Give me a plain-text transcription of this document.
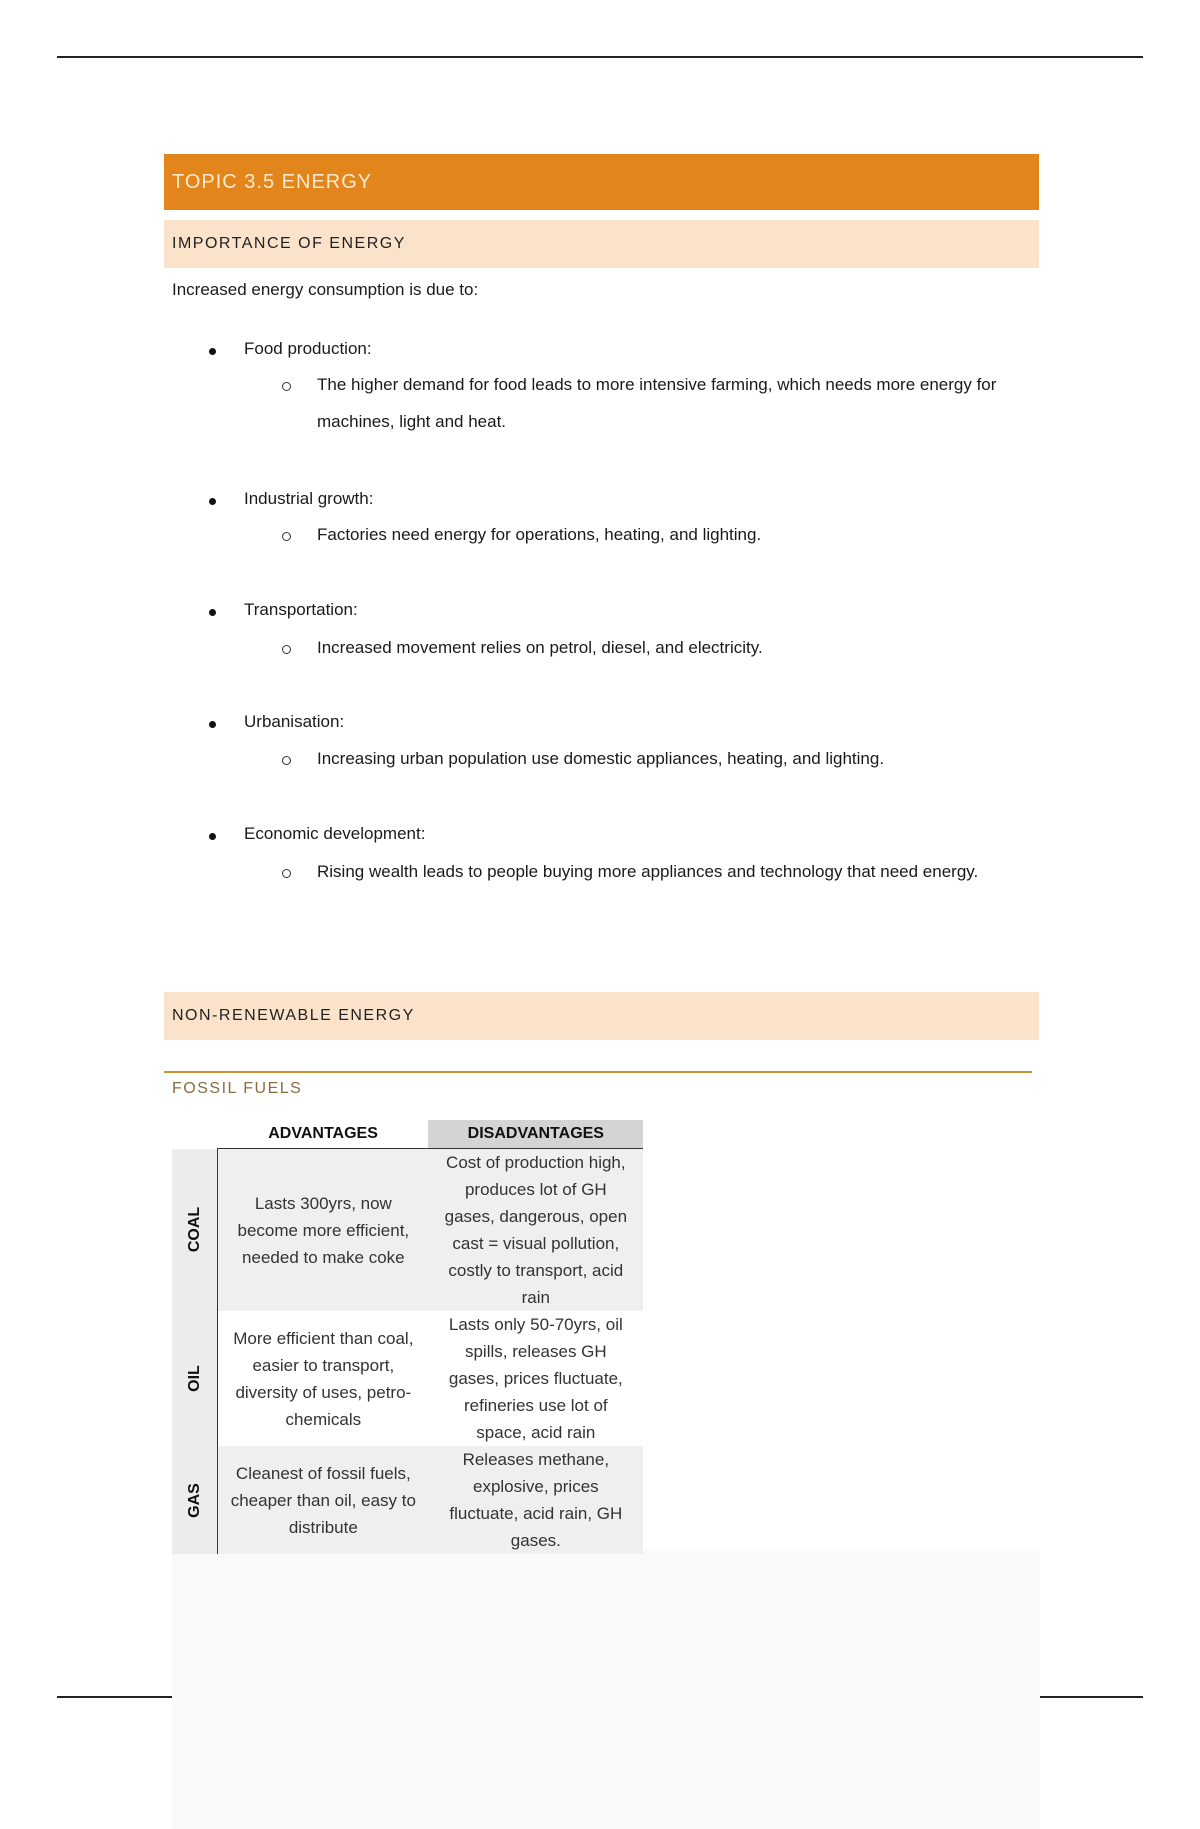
TOPIC 3.5 ENERGY
IMPORTANCE OF ENERGY
Increased energy consumption is due to:
Food production:
The higher demand for food leads to more intensive farming, which needs more energy for machines, light and heat.
Industrial growth:
Factories need energy for operations, heating, and lighting.
Transportation:
Increased movement relies on petrol, diesel, and electricity.
Urbanisation:
Increasing urban population use domestic appliances, heating, and lighting.
Economic development:
Rising wealth leads to people buying more appliances and technology that need energy.
NON-RENEWABLE ENERGY
FOSSIL FUELS
	ADVANTAGES	DISADVANTAGES

COAL	Lasts 300yrs, now become more efficient, needed to make coke	Cost of production high, produces lot of GH gases, dangerous, open cast = visual pollution, costly to transport, acid rain

OIL	More efficient than coal, easier to transport, diversity of uses, petro-chemicals	Lasts only 50-70yrs, oil spills, releases GH gases, prices fluctuate, refineries use lot of space, acid rain

GAS	Cleanest of fossil fuels, cheaper than oil, easy to distribute	Releases methane, explosive, prices fluctuate, acid rain, GH gases.
